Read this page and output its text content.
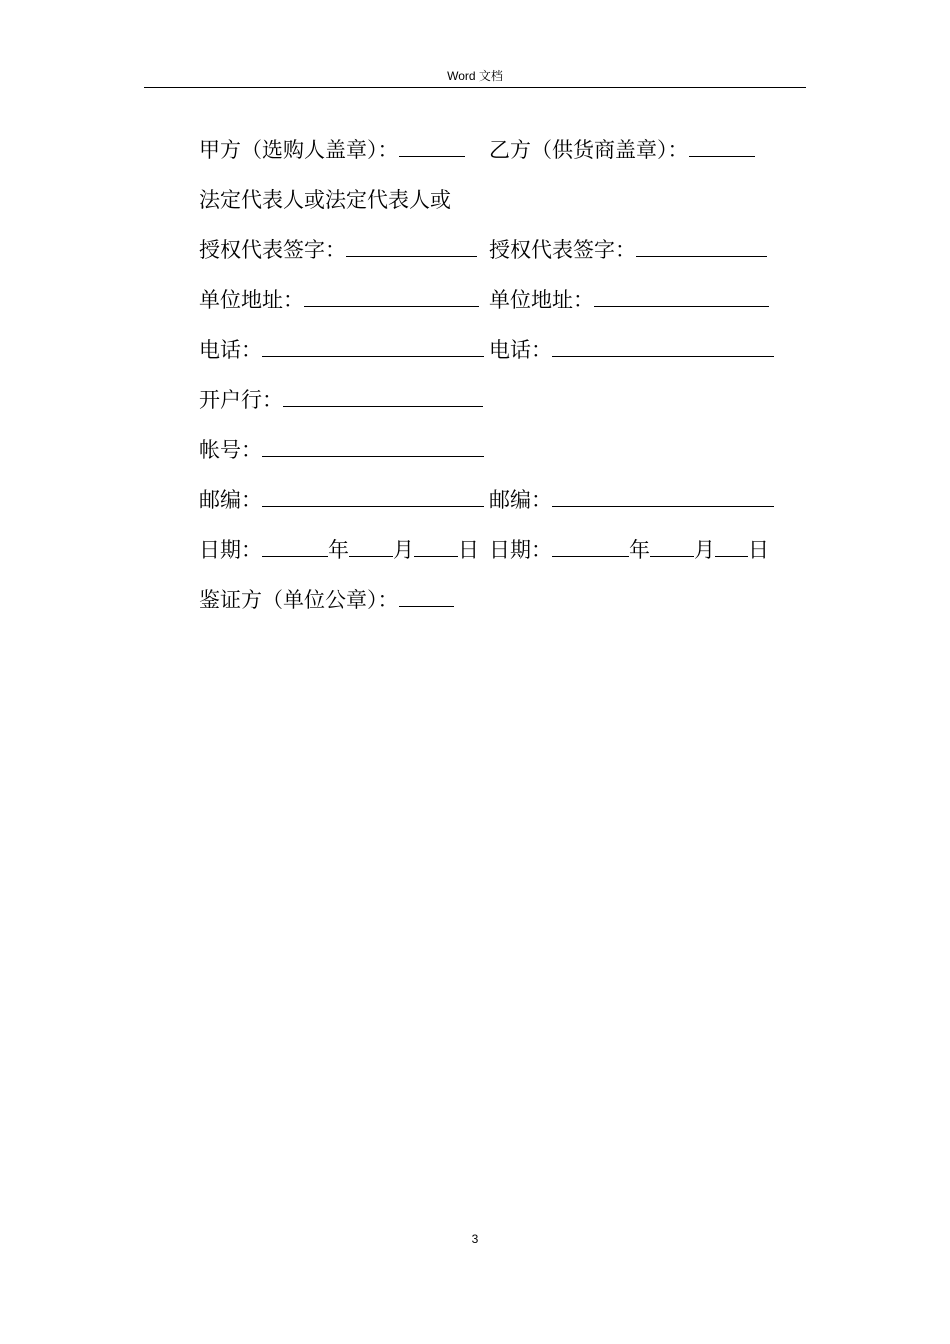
Word 文档
甲方（选购人盖章）：	乙方（供货商盖章）：
法定代表人或法定代表人或
授权代表签字：	授权代表签字：
单位地址：	单位地址：
电话：	电话：
开户行：
帐号：
邮编：	邮编：
日期：	年 月 日 日期：	年 月 日
鉴证方（单位公章）：
3
